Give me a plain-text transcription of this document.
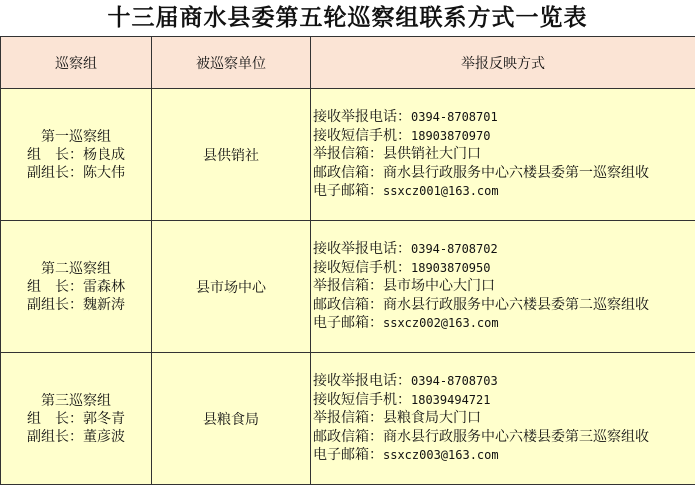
十三届商水县委第五轮巡察组联系方式一览表
巡察组	被巡察单位	举报反映方式

第一巡察组
组　长：杨良成
副组长：陈大伟	县供销社	接收举报电话：0394-8708701
接收短信手机：18903870970
举报信箱：县供销社大门口
邮政信箱：商水县行政服务中心六楼县委第一巡察组收
电子邮箱：ssxcz001@163.com

第二巡察组
组　长：雷森林
副组长：魏新涛	县市场中心	接收举报电话：0394-8708702
接收短信手机：18903870950
举报信箱：县市场中心大门口
邮政信箱：商水县行政服务中心六楼县委第二巡察组收
电子邮箱：ssxcz002@163.com

第三巡察组
组　长：郭冬青
副组长：董彦波	县粮食局	接收举报电话：0394-8708703
接收短信手机：18039494721
举报信箱：县粮食局大门口
邮政信箱：商水县行政服务中心六楼县委第三巡察组收
电子邮箱：ssxcz003@163.com
